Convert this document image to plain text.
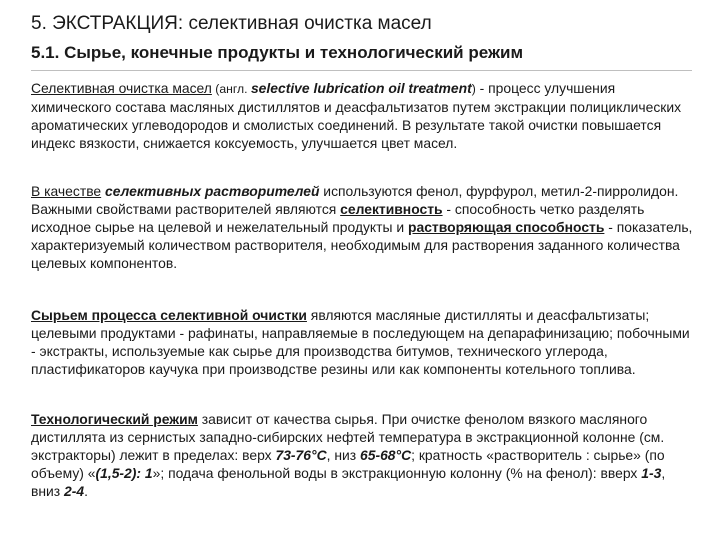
5. ЭКСТРАКЦИЯ: селективная очистка масел
5.1. Сырье, конечные продукты и технологический режим

Селективная очистка масел (англ. selective lubrication oil treatment) - процесс улучшения химического состава масляных дистиллятов и деасфальтизатов путем экстракции полициклических ароматических углеводородов и смолистых соединений. В результате такой очистки повышается индекс вязкости, снижается коксуемость, улучшается цвет масел.

В качестве селективных растворителей используются фенол, фурфурол, метил-2-пирролидон. Важными свойствами растворителей являются селективность - способность четко разделять исходное сырье на целевой и нежелательный продукты и растворяющая способность - показатель, характеризуемый количеством растворителя, необходимым для растворения заданного количества целевых компонентов.

Сырьем процесса селективной очистки являются масляные дистилляты и деасфальтизаты; целевыми продуктами - рафинаты, направляемые в последующем на депарафинизацию; побочными - экстракты, используемые как сырье для производства битумов, технического углерода, пластификаторов каучука при производстве резины или как компоненты котельного топлива.

Технологический режим зависит от качества сырья. При очистке фенолом вязкого масляного дистиллята из сернистых западно-сибирских нефтей температура в экстракционной колонне (см. экстракторы) лежит в пределах: верх 73-76°С, низ 65-68°С; кратность «растворитель : сырье» (по объему) «(1,5-2): 1»; подача фенольной воды в экстракционную колонну (% на фенол): вверх 1-3, вниз 2-4.
